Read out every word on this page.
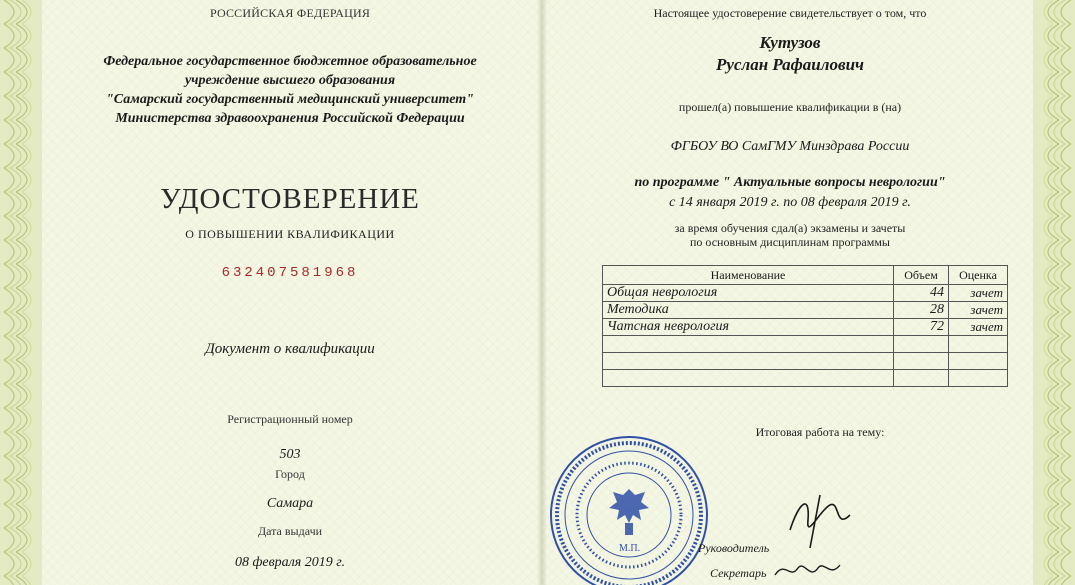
РОССИЙСКАЯ ФЕДЕРАЦИЯ
Федеральное государственное бюджетное образовательное
учреждение высшего образования
"Самарский государственный медицинский университет"
Министерства здравоохранения Российской Федерации
УДОСТОВЕРЕНИЕ
О ПОВЫШЕНИИ КВАЛИФИКАЦИИ
632407581968
Документ о квалификации
Регистрационный номер
503
Город
Самара
Дата выдачи
08 февраля 2019 г.
Настоящее удостоверение свидетельствует о том, что
Кутузов
Руслан Рафаилович
прошел(а) повышение квалификации в (на)
ФГБОУ ВО СамГМУ Минздрава России
по программе " Актуальные вопросы неврологии"
с 14 января 2019 г. по 08 февраля 2019 г.
за время обучения сдал(а) экзамены и зачеты
по основным дисциплинам программы
Наименование	Объем	Оценка
Общая неврология	44	зачет
Методика	28	зачет
Чатсная неврология	72	зачет

Итоговая работа на тему:
М.П.	Руководитель
Секретарь
